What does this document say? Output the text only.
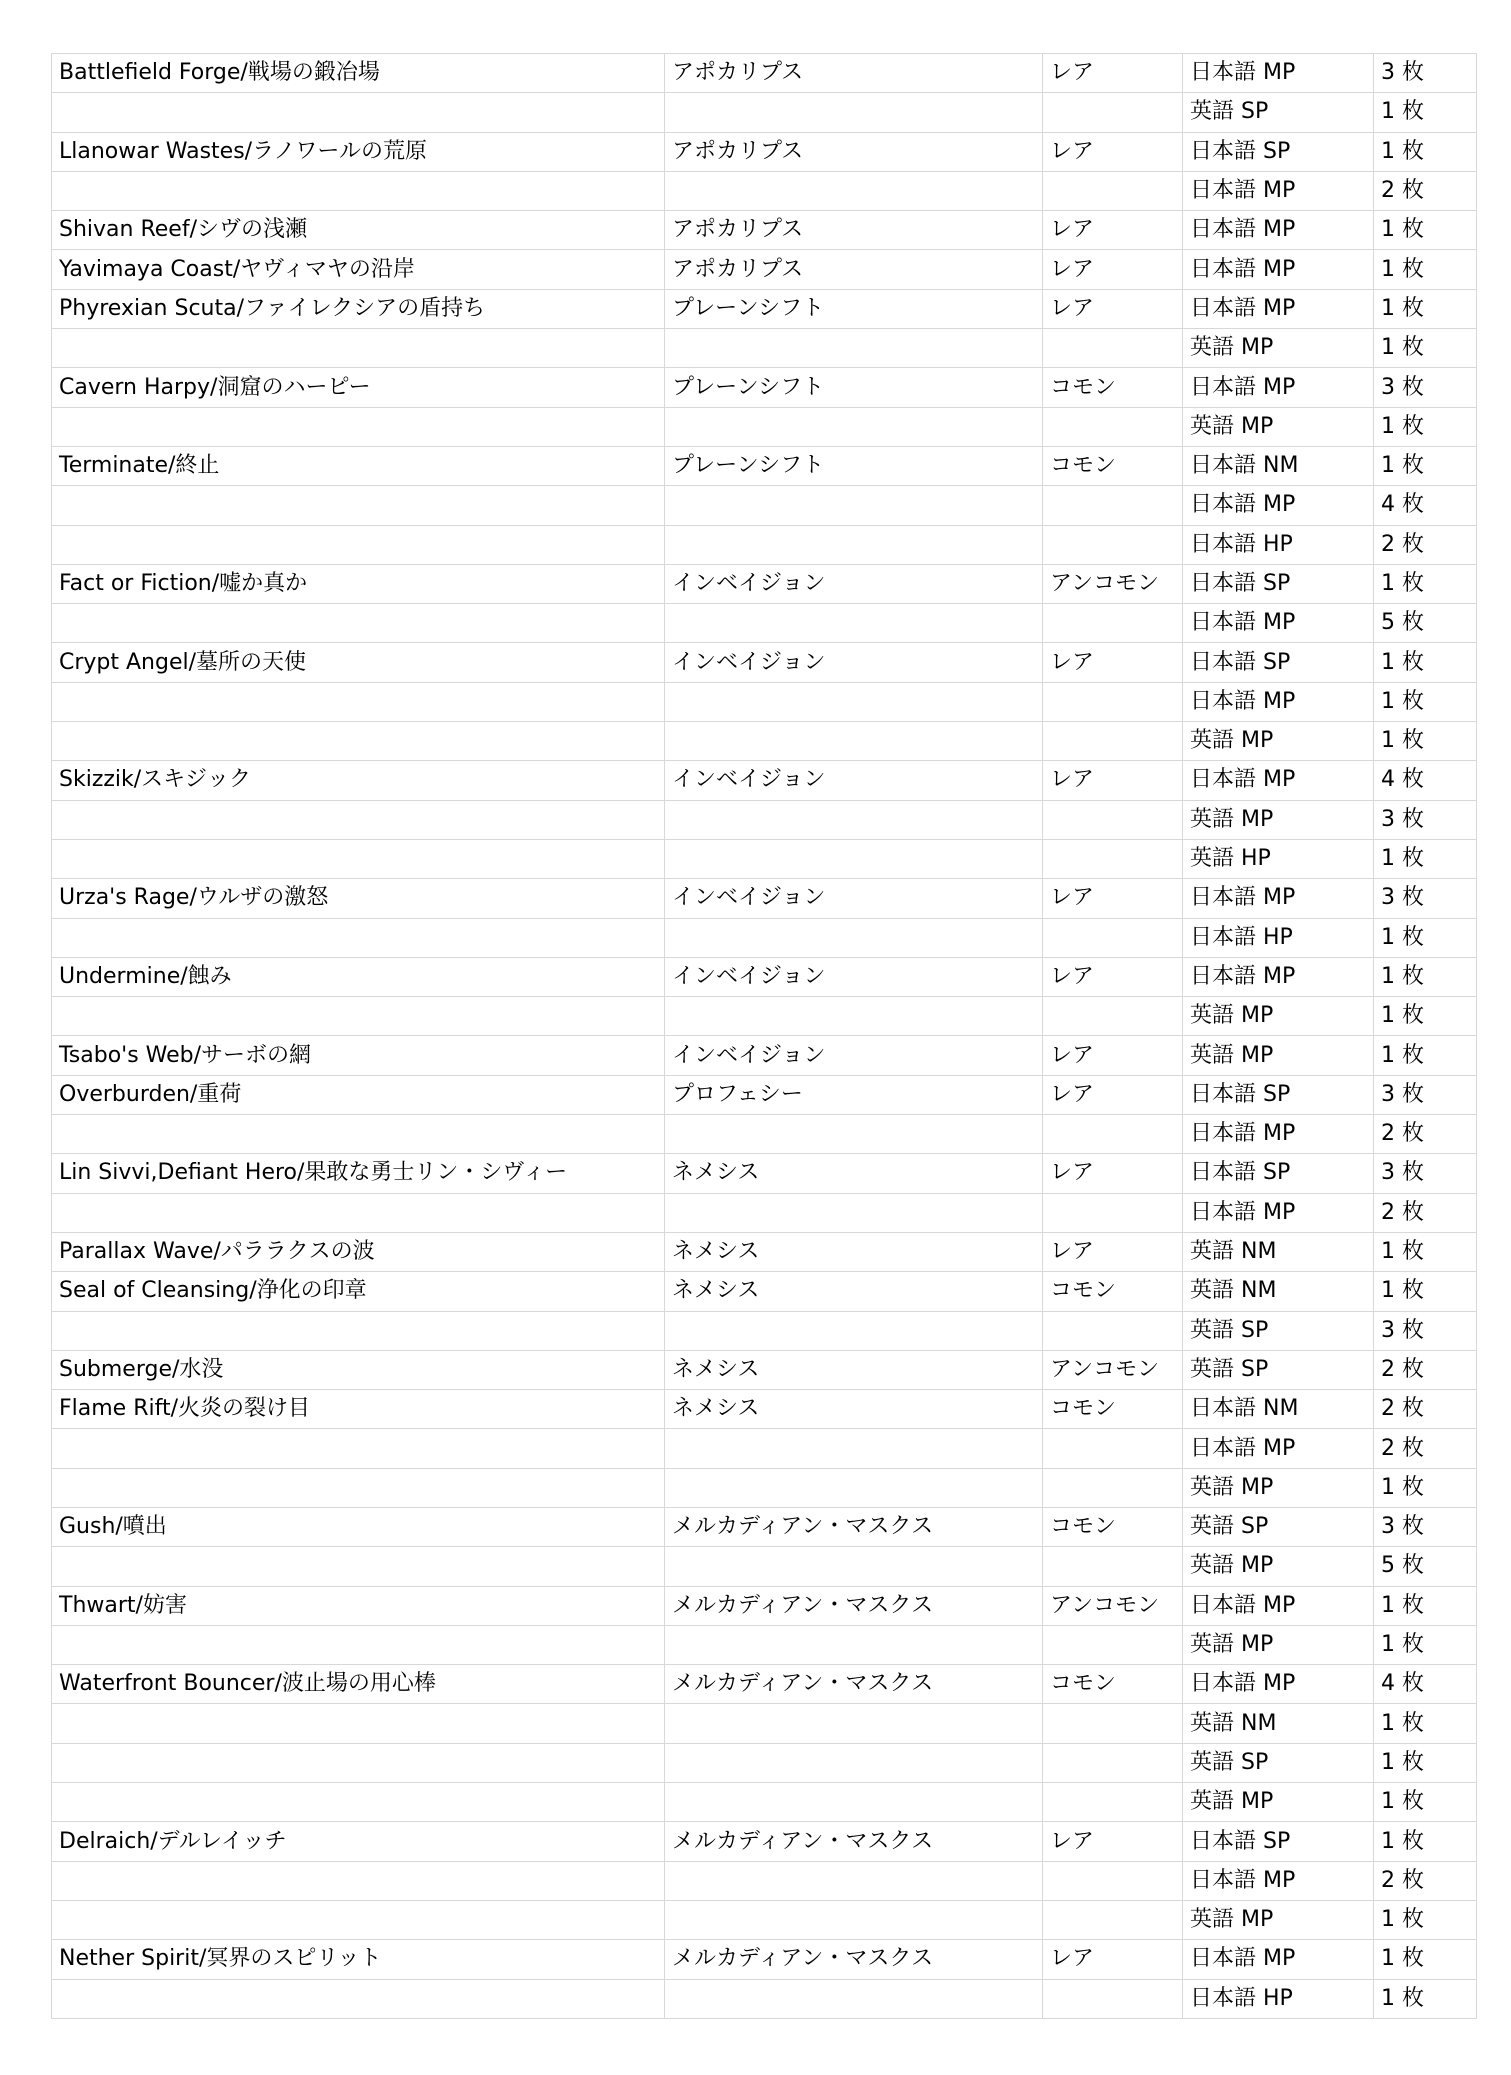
Battlefield Forge/戦場の鍛冶場	アポカリプス	レア	日本語 MP	3 枚
			英語 SP	1 枚
Llanowar Wastes/ラノワールの荒原	アポカリプス	レア	日本語 SP	1 枚
			日本語 MP	2 枚
Shivan Reef/シヴの浅瀬	アポカリプス	レア	日本語 MP	1 枚
Yavimaya Coast/ヤヴィマヤの沿岸	アポカリプス	レア	日本語 MP	1 枚
Phyrexian Scuta/ファイレクシアの盾持ち	プレーンシフト	レア	日本語 MP	1 枚
			英語 MP	1 枚
Cavern Harpy/洞窟のハーピー	プレーンシフト	コモン	日本語 MP	3 枚
			英語 MP	1 枚
Terminate/終止	プレーンシフト	コモン	日本語 NM	1 枚
			日本語 MP	4 枚
			日本語 HP	2 枚
Fact or Fiction/嘘か真か	インベイジョン	アンコモン	日本語 SP	1 枚
			日本語 MP	5 枚
Crypt Angel/墓所の天使	インベイジョン	レア	日本語 SP	1 枚
			日本語 MP	1 枚
			英語 MP	1 枚
Skizzik/スキジック	インベイジョン	レア	日本語 MP	4 枚
			英語 MP	3 枚
			英語 HP	1 枚
Urza's Rage/ウルザの激怒	インベイジョン	レア	日本語 MP	3 枚
			日本語 HP	1 枚
Undermine/蝕み	インベイジョン	レア	日本語 MP	1 枚
			英語 MP	1 枚
Tsabo's Web/サーボの網	インベイジョン	レア	英語 MP	1 枚
Overburden/重荷	プロフェシー	レア	日本語 SP	3 枚
			日本語 MP	2 枚
Lin Sivvi,Defiant Hero/果敢な勇士リン・シヴィー	ネメシス	レア	日本語 SP	3 枚
			日本語 MP	2 枚
Parallax Wave/パララクスの波	ネメシス	レア	英語 NM	1 枚
Seal of Cleansing/浄化の印章	ネメシス	コモン	英語 NM	1 枚
			英語 SP	3 枚
Submerge/水没	ネメシス	アンコモン	英語 SP	2 枚
Flame Rift/火炎の裂け目	ネメシス	コモン	日本語 NM	2 枚
			日本語 MP	2 枚
			英語 MP	1 枚
Gush/噴出	メルカディアン・マスクス	コモン	英語 SP	3 枚
			英語 MP	5 枚
Thwart/妨害	メルカディアン・マスクス	アンコモン	日本語 MP	1 枚
			英語 MP	1 枚
Waterfront Bouncer/波止場の用心棒	メルカディアン・マスクス	コモン	日本語 MP	4 枚
			英語 NM	1 枚
			英語 SP	1 枚
			英語 MP	1 枚
Delraich/デルレイッチ	メルカディアン・マスクス	レア	日本語 SP	1 枚
			日本語 MP	2 枚
			英語 MP	1 枚
Nether Spirit/冥界のスピリット	メルカディアン・マスクス	レア	日本語 MP	1 枚
			日本語 HP	1 枚
